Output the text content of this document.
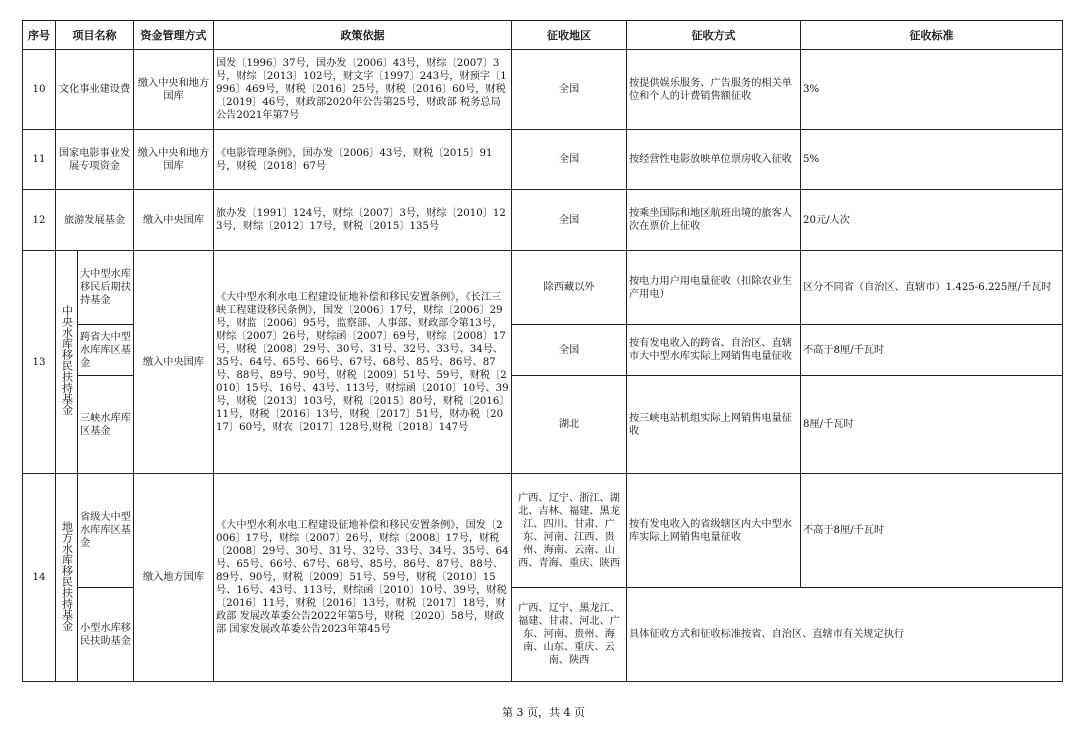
序号	项目名称		资金管理方式	政策依据	征收地区	征收方式	征收标准
10	文化事业建设费		缴入中央和地方国库	国发〔1996〕37号，国办发〔2006〕43号，财综〔2007〕3号，财综〔2013〕102号，财文字〔1997〕243号，财预字〔1996〕469号，财税〔2016〕25号，财税〔2016〕60号，财税〔2019〕46号，财政部2020年公告第25号，财政部 税务总局公告2021年第7号	全国	按提供娱乐服务、广告服务的相关单位和个人的计费销售额征收	3%
11	国家电影事业发展专项资金		缴入中央和地方国库	《电影管理条例》，国办发〔2006〕43号，财税〔2015〕91号，财税〔2018〕67号	全国	按经营性电影放映单位票房收入征收	5%
12	旅游发展基金		缴入中央国库	旅办发〔1991〕124号，财综〔2007〕3号，财综〔2010〕123号，财综〔2012〕17号，财税〔2015〕135号	全国	按乘坐国际和地区航班出境的旅客人次在票价上征收	20元/人次
13	中央水库移民扶持基金	大中型水库移民后期扶持基金	缴入中央国库	《大中型水利水电工程建设征地补偿和移民安置条例》，《长江三峡工程建设移民条例》，国发〔2006〕17号，财综〔2006〕29号，财监〔2006〕95号，监察部、人事部、财政部令第13号，财综〔2007〕26号，财综函〔2007〕69号，财综〔2008〕17号，财税〔2008〕29号、30号、31号、32号、33号、34号、35号、64号、65号、66号、67号、68号、85号、86号、87号、88号、89号、90号，财税〔2009〕51号、59号，财税〔2010〕15号、16号、43号、113号，财综函〔2010〕10号、39号，财税〔2013〕103号，财税〔2015〕80号，财税〔2016〕11号，财税〔2016〕13号，财税〔2017〕51号，财办税〔2017〕60号，财农〔2017〕128号,财税〔2018〕147号	除西藏以外	按电力用户用电量征收（扣除农业生产用电）	区分不同省（自治区、直辖市）1.425-6.225厘/千瓦时
		跨省大中型水库库区基金			全国	按有发电收入的跨省、自治区、直辖市大中型水库实际上网销售电量征收	不高于8厘/千瓦时
		三峡水库库区基金			湖北	按三峡电站机组实际上网销售电量征收	8厘/千瓦时
14	地方水库移民扶持基金	省级大中型水库库区基金	缴入地方国库	《大中型水利水电工程建设征地补偿和移民安置条例》，国发〔2006〕17号，财综〔2007〕26号，财综〔2008〕17号，财税〔2008〕29号、30号、31号、32号、33号、34号、35号、64号、65号、66号、67号、68号、85号、86号、87号、88号、89号、90号，财税〔2009〕51号、59号，财税〔2010〕15号、16号、43号、113号，财综函〔2010〕10号、39号，财税〔2016〕11号，财税〔2016〕13号，财税〔2017〕18号，财政部 发展改革委公告2022年第5号，财税〔2020〕58号，财政部 国家发展改革委公告2023年第45号	广西、辽宁、浙江、湖北、吉林、福建、黑龙江、四川、甘肃、广东、河南、江西、贵州、海南、云南、山西、青海、重庆、陕西	按有发电收入的省级辖区内大中型水库实际上网销售电量征收	不高于8厘/千瓦时
		小型水库移民扶助基金			广西、辽宁、黑龙江、福建、甘肃、河北、广东、河南、贵州、海南、山东、重庆、云南、陕西	具体征收方式和征收标准按省、自治区、直辖市有关规定执行	
第 3 页，共 4 页
